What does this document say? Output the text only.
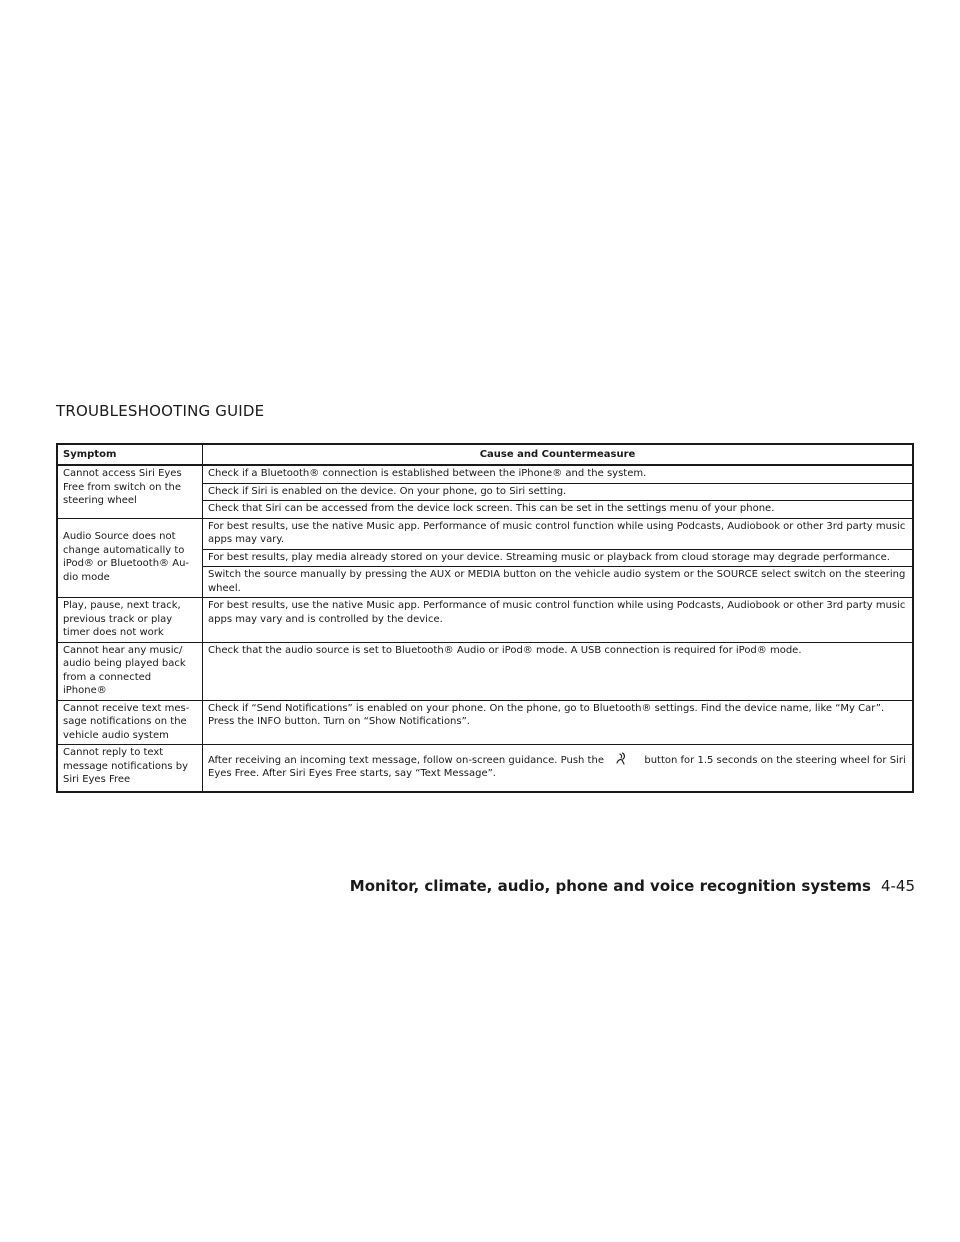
TROUBLESHOOTING GUIDE
Symptom	Cause and Countermeasure
Cannot access Siri Eyes Free from switch on the steering wheel	Check if a Bluetooth® connection is established between the iPhone® and the system.
	Check if Siri is enabled on the device. On your phone, go to Siri setting.
	Check that Siri can be accessed from the device lock screen. This can be set in the settings menu of your phone.
Audio Source does not change automatically to iPod® or Bluetooth® Au- dio mode	For best results, use the native Music app. Performance of music control function while using Podcasts, Audiobook or other 3rd party music apps may vary.
	For best results, play media already stored on your device. Streaming music or playback from cloud storage may degrade performance.
	Switch the source manually by pressing the AUX or MEDIA button on the vehicle audio system or the SOURCE select switch on the steering wheel.
Play, pause, next track, previous track or play timer does not work	For best results, use the native Music app. Performance of music control function while using Podcasts, Audiobook or other 3rd party music apps may vary and is controlled by the device.
Cannot hear any music/ audio being played back from a connected iPhone®	Check that the audio source is set to Bluetooth® Audio or iPod® mode. A USB connection is required for iPod® mode.
Cannot receive text mes- sage notifications on the vehicle audio system	Check if “Send Notifications” is enabled on your phone. On the phone, go to Bluetooth® settings. Find the device name, like “My Car”. Press the INFO button. Turn on “Show Notifications”.
Cannot reply to text message notifications by Siri Eyes Free	After receiving an incoming text message, follow on-screen guidance. Push the button for 1.5 seconds on the steering wheel for Siri Eyes Free. After Siri Eyes Free starts, say “Text Message”.
Monitor, climate, audio, phone and voice recognition systems 4-45
